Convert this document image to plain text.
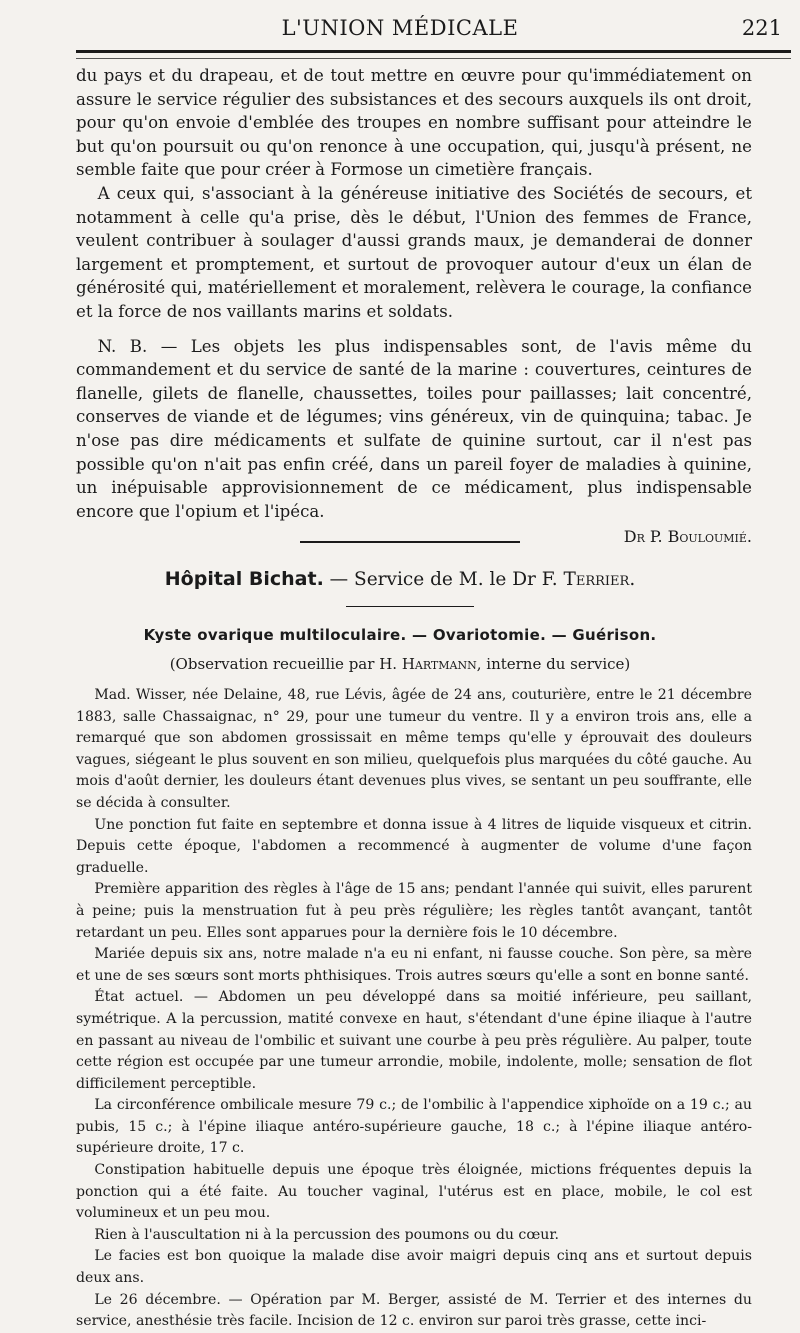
L'UNION MÉDICALE	221

du pays et du drapeau, et de tout mettre en œuvre pour qu'immédiatement on assure le service régulier des subsistances et des secours auxquels ils ont droit, pour qu'on envoie d'emblée des troupes en nombre suffisant pour atteindre le but qu'on poursuit ou qu'on renonce à une occupation, qui, jusqu'à présent, ne semble faite que pour créer à Formose un cimetière français.

A ceux qui, s'associant à la généreuse initiative des Sociétés de secours, et notamment à celle qu'a prise, dès le début, l'Union des femmes de France, veulent contribuer à soulager d'aussi grands maux, je demanderai de donner largement et promptement, et surtout de provoquer autour d'eux un élan de générosité qui, matériellement et moralement, relèvera le courage, la confiance et la force de nos vaillants marins et soldats.

N. B. — Les objets les plus indispensables sont, de l'avis même du commandement et du service de santé de la marine : couvertures, ceintures de flanelle, gilets de flanelle, chaussettes, toiles pour paillasses; lait concentré, conserves de viande et de légumes; vins généreux, vin de quinquina; tabac. Je n'ose pas dire médicaments et sulfate de quinine surtout, car il n'est pas possible qu'on n'ait pas enfin créé, dans un pareil foyer de maladies à quinine, un inépuisable approvisionnement de ce médicament, plus indispensable encore que l'opium et l'ipéca.

Dr P. Bouloumié.

Hôpital Bichat. — Service de M. le Dr F. Terrier.
Kyste ovarique multiloculaire. — Ovariotomie. — Guérison.
(Observation recueillie par H. Hartmann, interne du service)

Mad. Wisser, née Delaine, 48, rue Lévis, âgée de 24 ans, couturière, entre le 21 décembre 1883, salle Chassaignac, n° 29, pour une tumeur du ventre. Il y a environ trois ans, elle a remarqué que son abdomen grossissait en même temps qu'elle y éprouvait des douleurs vagues, siégeant le plus souvent en son milieu, quelquefois plus marquées du côté gauche. Au mois d'août dernier, les douleurs étant devenues plus vives, se sentant un peu souffrante, elle se décida à consulter.

Une ponction fut faite en septembre et donna issue à 4 litres de liquide visqueux et citrin. Depuis cette époque, l'abdomen a recommencé à augmenter de volume d'une façon graduelle.

Première apparition des règles à l'âge de 15 ans; pendant l'année qui suivit, elles parurent à peine; puis la menstruation fut à peu près régulière; les règles tantôt avançant, tantôt retardant un peu. Elles sont apparues pour la dernière fois le 10 décembre.

Mariée depuis six ans, notre malade n'a eu ni enfant, ni fausse couche. Son père, sa mère et une de ses sœurs sont morts phthisiques. Trois autres sœurs qu'elle a sont en bonne santé.

État actuel. — Abdomen un peu développé dans sa moitié inférieure, peu saillant, symétrique. A la percussion, matité convexe en haut, s'étendant d'une épine iliaque à l'autre en passant au niveau de l'ombilic et suivant une courbe à peu près régulière. Au palper, toute cette région est occupée par une tumeur arrondie, mobile, indolente, molle; sensation de flot difficilement perceptible.

La circonférence ombilicale mesure 79 c.; de l'ombilic à l'appendice xiphoïde on a 19 c.; au pubis, 15 c.; à l'épine iliaque antéro-supérieure gauche, 18 c.; à l'épine iliaque antéro-supérieure droite, 17 c.

Constipation habituelle depuis une époque très éloignée, mictions fréquentes depuis la ponction qui a été faite. Au toucher vaginal, l'utérus est en place, mobile, le col est volumineux et un peu mou.

Rien à l'auscultation ni à la percussion des poumons ou du cœur.

Le facies est bon quoique la malade dise avoir maigri depuis cinq ans et surtout depuis deux ans.

Le 26 décembre. — Opération par M. Berger, assisté de M. Terrier et des internes du service, anesthésie très facile. Incision de 12 c. environ sur paroi très grasse, cette inci-
